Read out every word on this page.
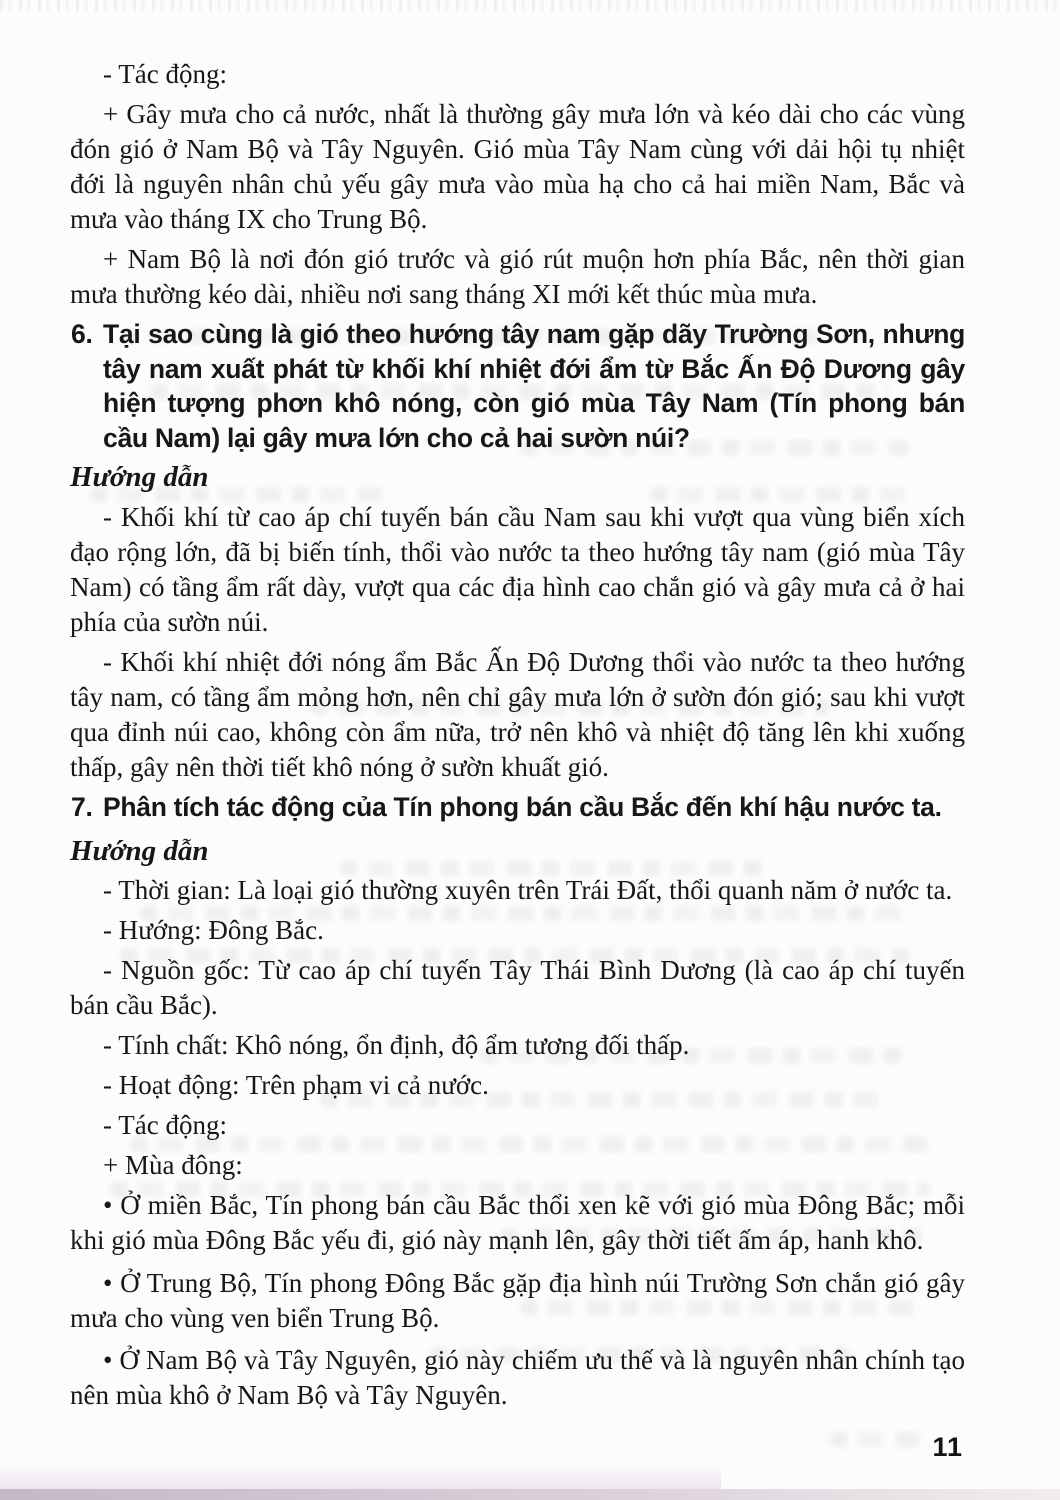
- Tác động:

+ Gây mưa cho cả nước, nhất là thường gây mưa lớn và kéo dài cho các vùng đón gió ở Nam Bộ và Tây Nguyên. Gió mùa Tây Nam cùng với dải hội tụ nhiệt đới là nguyên nhân chủ yếu gây mưa vào mùa hạ cho cả hai miền Nam, Bắc và mưa vào tháng IX cho Trung Bộ.

+ Nam Bộ là nơi đón gió trước và gió rút muộn hơn phía Bắc, nên thời gian mưa thường kéo dài, nhiều nơi sang tháng XI mới kết thúc mùa mưa.

6. Tại sao cùng là gió theo hướng tây nam gặp dãy Trường Sơn, nhưng tây nam xuất phát từ khối khí nhiệt đới ẩm từ Bắc Ấn Độ Dương gây hiện tượng phơn khô nóng, còn gió mùa Tây Nam (Tín phong bán cầu Nam) lại gây mưa lớn cho cả hai sườn núi?

Hướng dẫn

- Khối khí từ cao áp chí tuyến bán cầu Nam sau khi vượt qua vùng biển xích đạo rộng lớn, đã bị biến tính, thổi vào nước ta theo hướng tây nam (gió mùa Tây Nam) có tầng ẩm rất dày, vượt qua các địa hình cao chắn gió và gây mưa cả ở hai phía của sườn núi.

- Khối khí nhiệt đới nóng ẩm Bắc Ấn Độ Dương thổi vào nước ta theo hướng tây nam, có tầng ẩm mỏng hơn, nên chỉ gây mưa lớn ở sườn đón gió; sau khi vượt qua đỉnh núi cao, không còn ẩm nữa, trở nên khô và nhiệt độ tăng lên khi xuống thấp, gây nên thời tiết khô nóng ở sườn khuất gió.

7. Phân tích tác động của Tín phong bán cầu Bắc đến khí hậu nước ta.

Hướng dẫn

- Thời gian: Là loại gió thường xuyên trên Trái Đất, thổi quanh năm ở nước ta.

- Hướng: Đông Bắc.

- Nguồn gốc: Từ cao áp chí tuyến Tây Thái Bình Dương (là cao áp chí tuyến bán cầu Bắc).

- Tính chất: Khô nóng, ổn định, độ ẩm tương đối thấp.

- Hoạt động: Trên phạm vi cả nước.

- Tác động:

+ Mùa đông:

• Ở miền Bắc, Tín phong bán cầu Bắc thổi xen kẽ với gió mùa Đông Bắc; mỗi khi gió mùa Đông Bắc yếu đi, gió này mạnh lên, gây thời tiết ấm áp, hanh khô.

• Ở Trung Bộ, Tín phong Đông Bắc gặp địa hình núi Trường Sơn chắn gió gây mưa cho vùng ven biển Trung Bộ.

• Ở Nam Bộ và Tây Nguyên, gió này chiếm ưu thế và là nguyên nhân chính tạo nên mùa khô ở Nam Bộ và Tây Nguyên.

11
